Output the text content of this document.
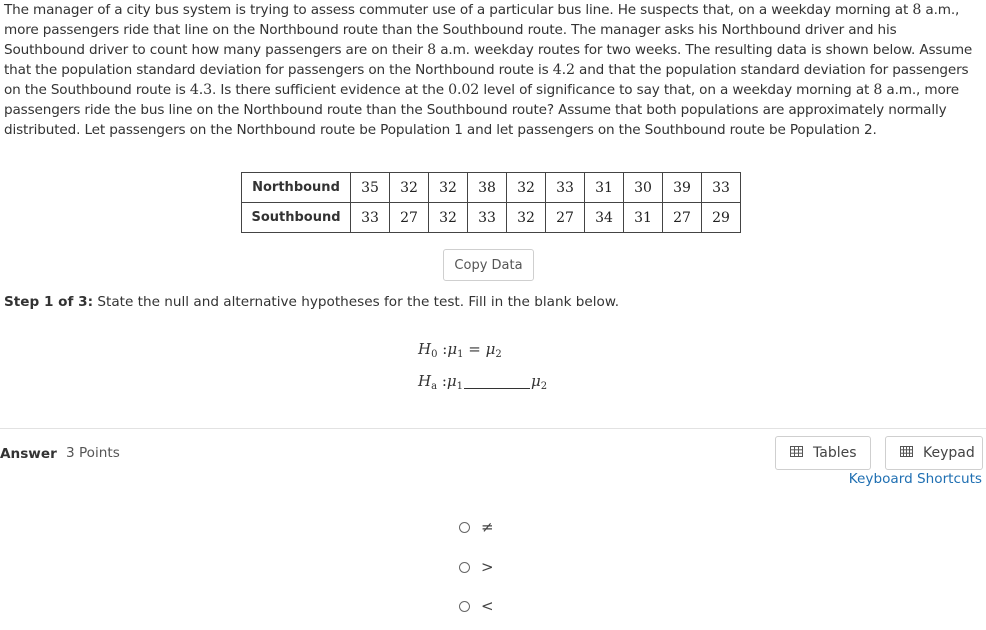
The manager of a city bus system is trying to assess commuter use of a particular bus line. He suspects that, on a weekday morning at 8 a.m., more passengers ride that line on the Northbound route than the Southbound route. The manager asks his Northbound driver and his Southbound driver to count how many passengers are on their 8 a.m. weekday routes for two weeks. The resulting data is shown below. Assume that the population standard deviation for passengers on the Northbound route is 4.2 and that the population standard deviation for passengers on the Southbound route is 4.3. Is there sufficient evidence at the 0.02 level of significance to say that, on a weekday morning at 8 a.m., more passengers ride the bus line on the Northbound route than the Southbound route? Assume that both populations are approximately normally distributed. Let passengers on the Northbound route be Population 1 and let passengers on the Southbound route be Population 2.
Northbound	35	32	32	38	32	33	31	30	39	33
Southbound	33	27	32	33	32	27	34	31	27	29
Copy Data
Step 1 of 3: State the null and alternative hypotheses for the test. Fill in the blank below.
$H_0$ $:\mu_1 = \mu_2$
$H_a$ $:\mu_1$	$\mu_2$
Answer 3 Points	Tables	Keypad
Keyboard Shortcuts
≠
>
<
